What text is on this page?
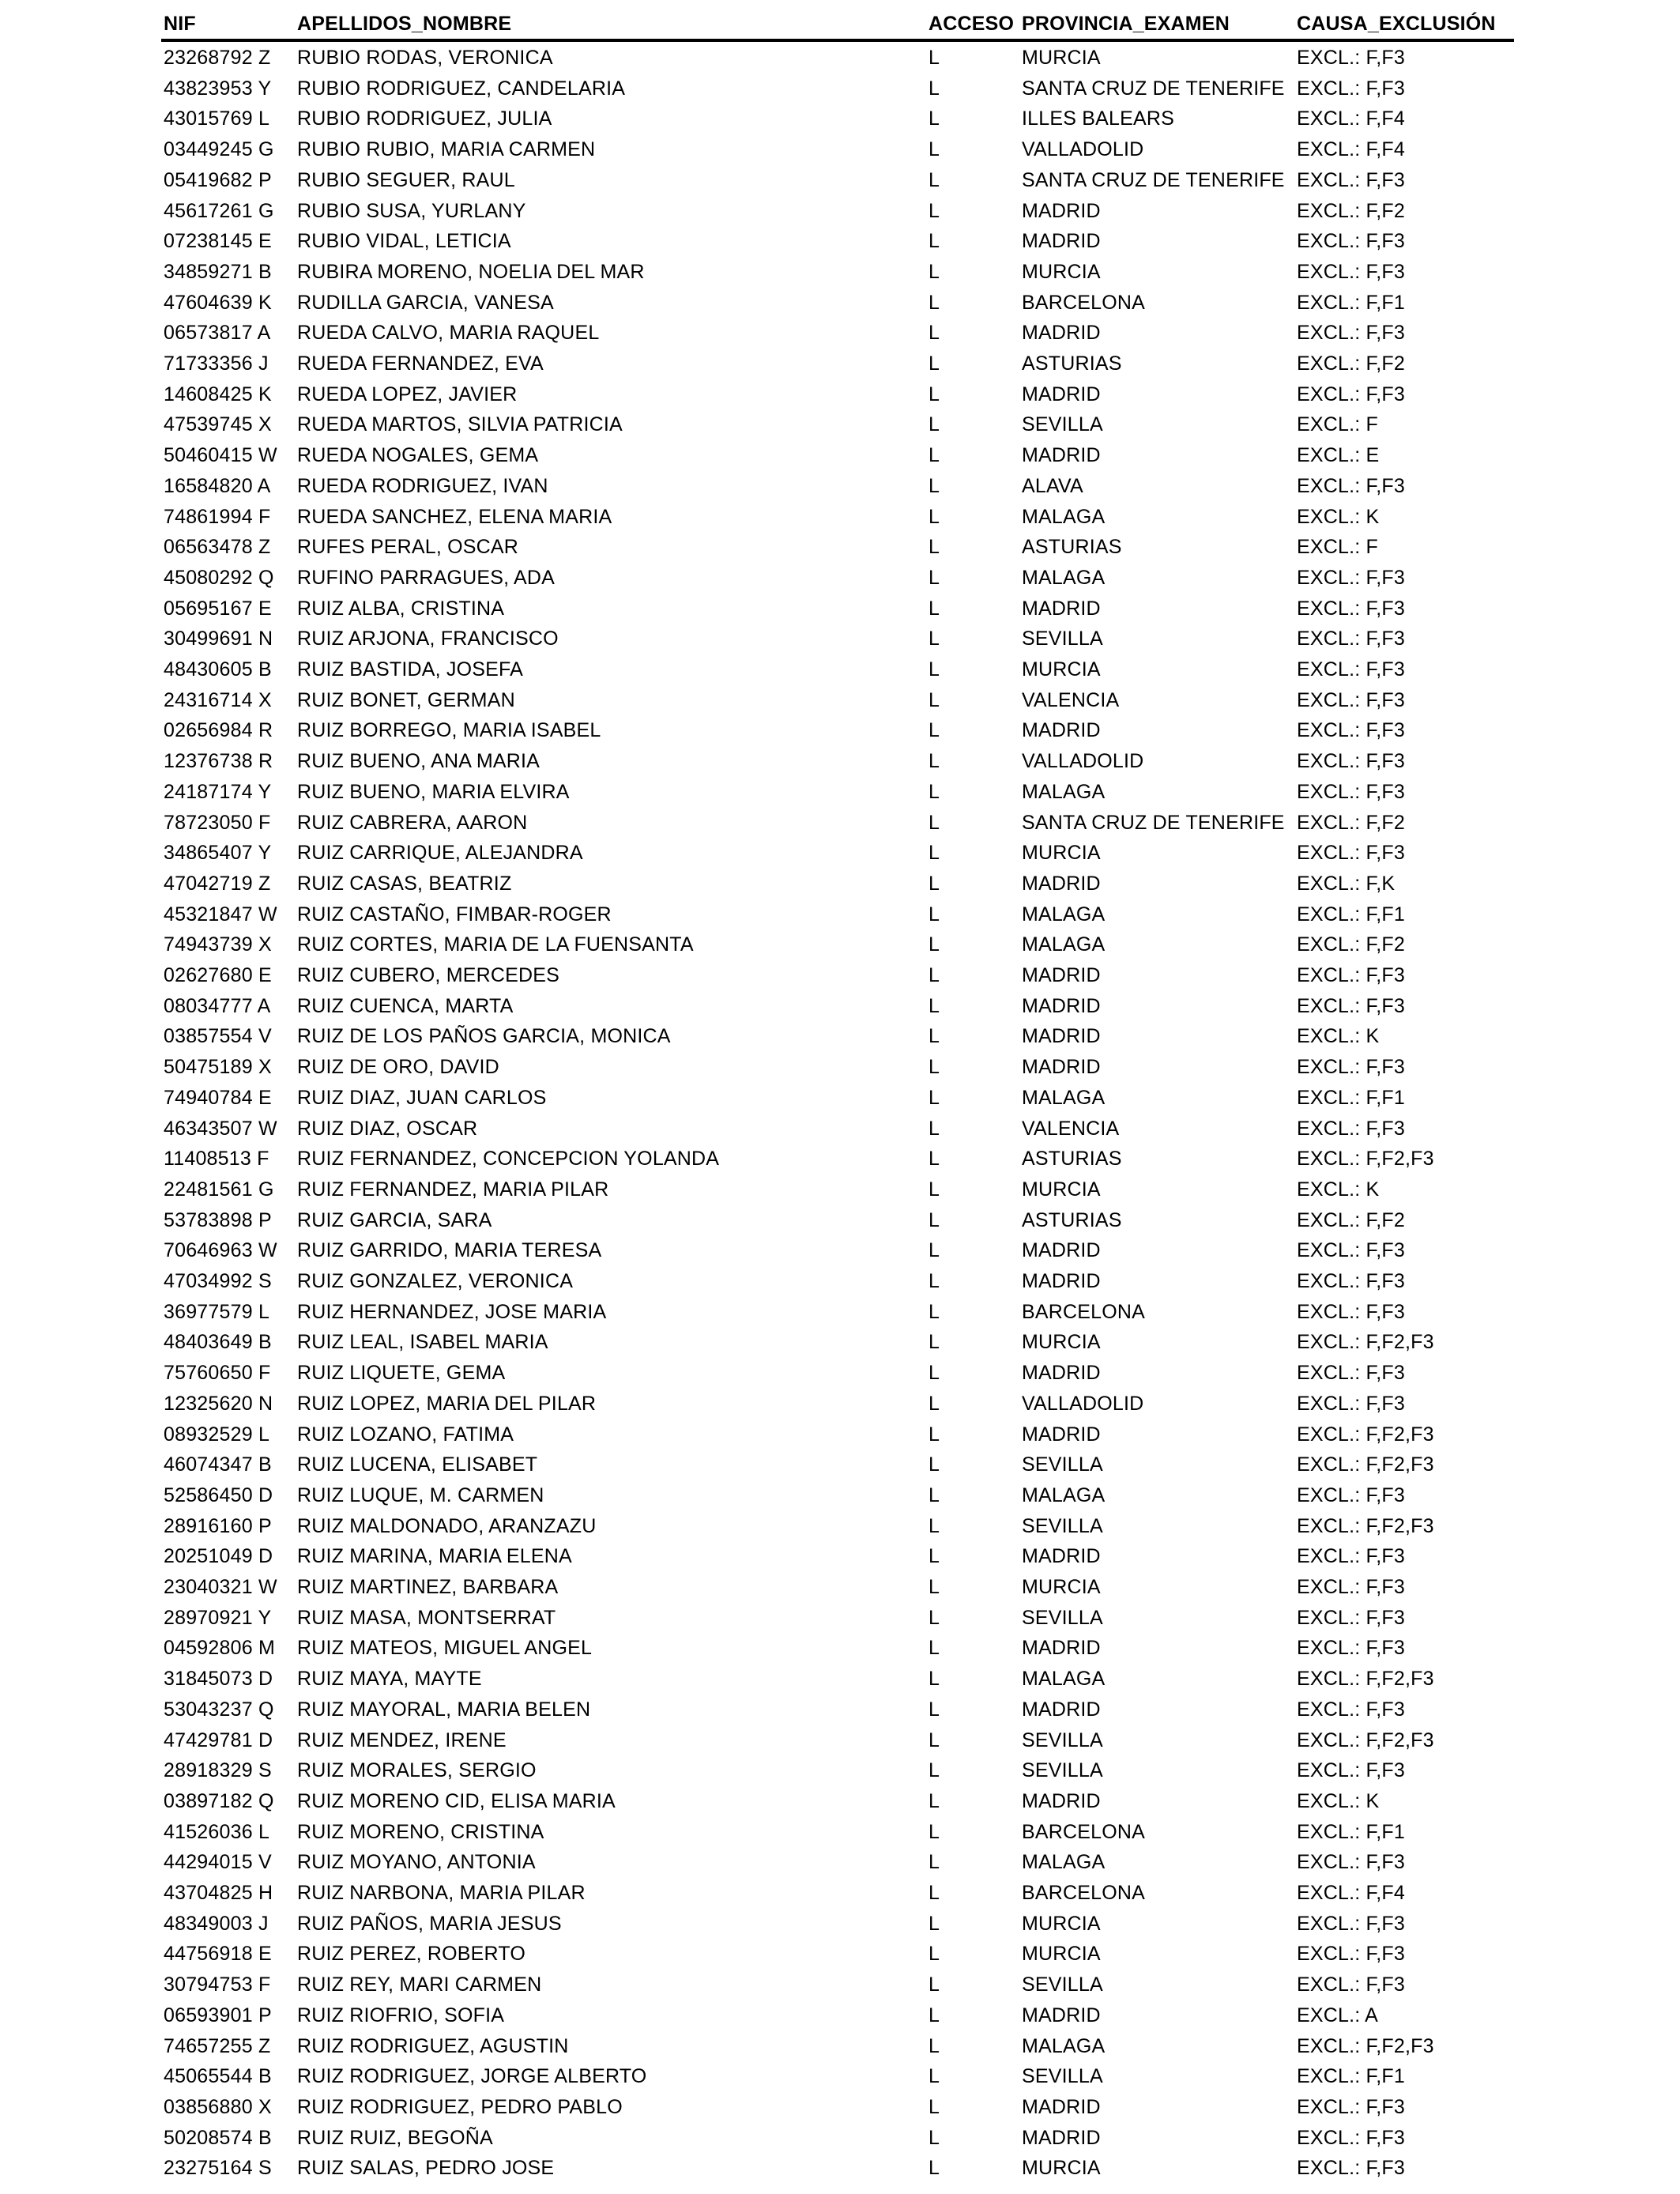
NIF	APELLIDOS_NOMBRE	ACCESO PROVINCIA_EXAMEN	CAUSA_EXCLUSIÓN
23268792 Z RUBIO RODAS, VERONICA	L	MURCIA	EXCL.: F,F3
43823953 Y RUBIO RODRIGUEZ, CANDELARIA	L	SANTA CRUZ DE TENERIFE EXCL.: F,F3
43015769 L RUBIO RODRIGUEZ, JULIA	L	ILLES BALEARS	EXCL.: F,F4
03449245 G RUBIO RUBIO, MARIA CARMEN	L	VALLADOLID	EXCL.: F,F4
05419682 P RUBIO SEGUER, RAUL	L	SANTA CRUZ DE TENERIFE EXCL.: F,F3
45617261 G RUBIO SUSA, YURLANY	L	MADRID	EXCL.: F,F2
07238145 E RUBIO VIDAL, LETICIA	L	MADRID	EXCL.: F,F3
34859271 B RUBIRA MORENO, NOELIA DEL MAR	L	MURCIA	EXCL.: F,F3
47604639 K RUDILLA GARCIA, VANESA	L	BARCELONA	EXCL.: F,F1
06573817 A RUEDA CALVO, MARIA RAQUEL	L	MADRID	EXCL.: F,F3
71733356 J RUEDA FERNANDEZ, EVA	L	ASTURIAS	EXCL.: F,F2
14608425 K RUEDA LOPEZ, JAVIER	L	MADRID	EXCL.: F,F3
47539745 X RUEDA MARTOS, SILVIA PATRICIA	L	SEVILLA	EXCL.: F
50460415 W RUEDA NOGALES, GEMA	L	MADRID	EXCL.: E
16584820 A RUEDA RODRIGUEZ, IVAN	L	ALAVA	EXCL.: F,F3
74861994 F RUEDA SANCHEZ, ELENA MARIA	L	MALAGA	EXCL.: K
06563478 Z RUFES PERAL, OSCAR	L	ASTURIAS	EXCL.: F
45080292 Q RUFINO PARRAGUES, ADA	L	MALAGA	EXCL.: F,F3
05695167 E RUIZ ALBA, CRISTINA	L	MADRID	EXCL.: F,F3
30499691 N RUIZ ARJONA, FRANCISCO	L	SEVILLA	EXCL.: F,F3
48430605 B RUIZ BASTIDA, JOSEFA	L	MURCIA	EXCL.: F,F3
24316714 X RUIZ BONET, GERMAN	L	VALENCIA	EXCL.: F,F3
02656984 R RUIZ BORREGO, MARIA ISABEL	L	MADRID	EXCL.: F,F3
12376738 R RUIZ BUENO, ANA MARIA	L	VALLADOLID	EXCL.: F,F3
24187174 Y RUIZ BUENO, MARIA ELVIRA	L	MALAGA	EXCL.: F,F3
78723050 F RUIZ CABRERA, AARON	L	SANTA CRUZ DE TENERIFE EXCL.: F,F2
34865407 Y RUIZ CARRIQUE, ALEJANDRA	L	MURCIA	EXCL.: F,F3
47042719 Z RUIZ CASAS, BEATRIZ	L	MADRID	EXCL.: F,K
45321847 W RUIZ CASTAÑO, FIMBAR-ROGER	L	MALAGA	EXCL.: F,F1
74943739 X RUIZ CORTES, MARIA DE LA FUENSANTA	L	MALAGA	EXCL.: F,F2
02627680 E RUIZ CUBERO, MERCEDES	L	MADRID	EXCL.: F,F3
08034777 A RUIZ CUENCA, MARTA	L	MADRID	EXCL.: F,F3
03857554 V RUIZ DE LOS PAÑOS GARCIA, MONICA	L	MADRID	EXCL.: K
50475189 X RUIZ DE ORO, DAVID	L	MADRID	EXCL.: F,F3
74940784 E RUIZ DIAZ, JUAN CARLOS	L	MALAGA	EXCL.: F,F1
46343507 W RUIZ DIAZ, OSCAR	L	VALENCIA	EXCL.: F,F3
11408513 F RUIZ FERNANDEZ, CONCEPCION YOLANDA	L	ASTURIAS	EXCL.: F,F2,F3
22481561 G RUIZ FERNANDEZ, MARIA PILAR	L	MURCIA	EXCL.: K
53783898 P RUIZ GARCIA, SARA	L	ASTURIAS	EXCL.: F,F2
70646963 W RUIZ GARRIDO, MARIA TERESA	L	MADRID	EXCL.: F,F3
47034992 S RUIZ GONZALEZ, VERONICA	L	MADRID	EXCL.: F,F3
36977579 L RUIZ HERNANDEZ, JOSE MARIA	L	BARCELONA	EXCL.: F,F3
48403649 B RUIZ LEAL, ISABEL MARIA	L	MURCIA	EXCL.: F,F2,F3
75760650 F RUIZ LIQUETE, GEMA	L	MADRID	EXCL.: F,F3
12325620 N RUIZ LOPEZ, MARIA DEL PILAR	L	VALLADOLID	EXCL.: F,F3
08932529 L RUIZ LOZANO, FATIMA	L	MADRID	EXCL.: F,F2,F3
46074347 B RUIZ LUCENA, ELISABET	L	SEVILLA	EXCL.: F,F2,F3
52586450 D RUIZ LUQUE, M. CARMEN	L	MALAGA	EXCL.: F,F3
28916160 P RUIZ MALDONADO, ARANZAZU	L	SEVILLA	EXCL.: F,F2,F3
20251049 D RUIZ MARINA, MARIA ELENA	L	MADRID	EXCL.: F,F3
23040321 W RUIZ MARTINEZ, BARBARA	L	MURCIA	EXCL.: F,F3
28970921 Y RUIZ MASA, MONTSERRAT	L	SEVILLA	EXCL.: F,F3
04592806 M RUIZ MATEOS, MIGUEL ANGEL	L	MADRID	EXCL.: F,F3
31845073 D RUIZ MAYA, MAYTE	L	MALAGA	EXCL.: F,F2,F3
53043237 Q RUIZ MAYORAL, MARIA BELEN	L	MADRID	EXCL.: F,F3
47429781 D RUIZ MENDEZ, IRENE	L	SEVILLA	EXCL.: F,F2,F3
28918329 S RUIZ MORALES, SERGIO	L	SEVILLA	EXCL.: F,F3
03897182 Q RUIZ MORENO CID, ELISA MARIA	L	MADRID	EXCL.: K
41526036 L RUIZ MORENO, CRISTINA	L	BARCELONA	EXCL.: F,F1
44294015 V RUIZ MOYANO, ANTONIA	L	MALAGA	EXCL.: F,F3
43704825 H RUIZ NARBONA, MARIA PILAR	L	BARCELONA	EXCL.: F,F4
48349003 J RUIZ PAÑOS, MARIA JESUS	L	MURCIA	EXCL.: F,F3
44756918 E RUIZ PEREZ, ROBERTO	L	MURCIA	EXCL.: F,F3
30794753 F RUIZ REY, MARI CARMEN	L	SEVILLA	EXCL.: F,F3
06593901 P RUIZ RIOFRIO, SOFIA	L	MADRID	EXCL.: A
74657255 Z RUIZ RODRIGUEZ, AGUSTIN	L	MALAGA	EXCL.: F,F2,F3
45065544 B RUIZ RODRIGUEZ, JORGE ALBERTO	L	SEVILLA	EXCL.: F,F1
03856880 X RUIZ RODRIGUEZ, PEDRO PABLO	L	MADRID	EXCL.: F,F3
50208574 B RUIZ RUIZ, BEGOÑA	L	MADRID	EXCL.: F,F3
23275164 S RUIZ SALAS, PEDRO JOSE	L	MURCIA	EXCL.: F,F3
